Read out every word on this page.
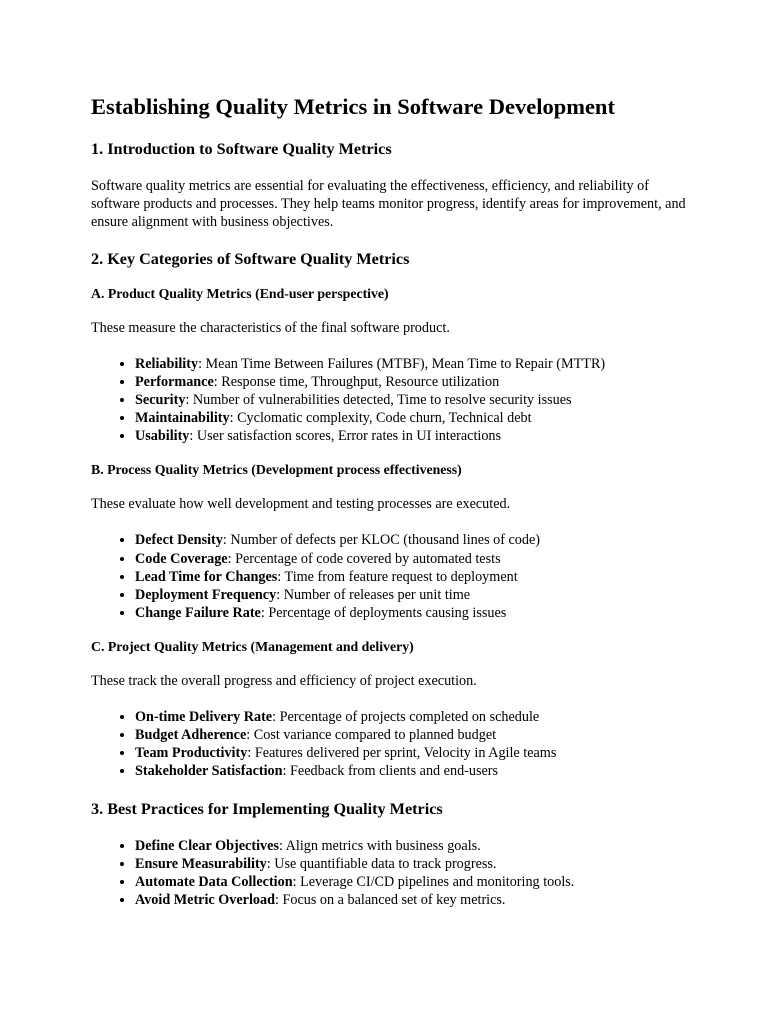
Establishing Quality Metrics in Software Development
1. Introduction to Software Quality Metrics

Software quality metrics are essential for evaluating the effectiveness, efficiency, and reliability of software products and processes. They help teams monitor progress, identify areas for improvement, and ensure alignment with business objectives.

2. Key Categories of Software Quality Metrics
A. Product Quality Metrics (End-user perspective)

These measure the characteristics of the final software product.

• Reliability: Mean Time Between Failures (MTBF), Mean Time to Repair (MTTR)
• Performance: Response time, Throughput, Resource utilization
• Security: Number of vulnerabilities detected, Time to resolve security issues
• Maintainability: Cyclomatic complexity, Code churn, Technical debt
• Usability: User satisfaction scores, Error rates in UI interactions
B. Process Quality Metrics (Development process effectiveness)

These evaluate how well development and testing processes are executed.

• Defect Density: Number of defects per KLOC (thousand lines of code)
• Code Coverage: Percentage of code covered by automated tests
• Lead Time for Changes: Time from feature request to deployment
• Deployment Frequency: Number of releases per unit time
• Change Failure Rate: Percentage of deployments causing issues
C. Project Quality Metrics (Management and delivery)

These track the overall progress and efficiency of project execution.

• On-time Delivery Rate: Percentage of projects completed on schedule
• Budget Adherence: Cost variance compared to planned budget
• Team Productivity: Features delivered per sprint, Velocity in Agile teams
• Stakeholder Satisfaction: Feedback from clients and end-users
3. Best Practices for Implementing Quality Metrics
• Define Clear Objectives: Align metrics with business goals.
• Ensure Measurability: Use quantifiable data to track progress.
• Automate Data Collection: Leverage CI/CD pipelines and monitoring tools.
• Avoid Metric Overload: Focus on a balanced set of key metrics.
